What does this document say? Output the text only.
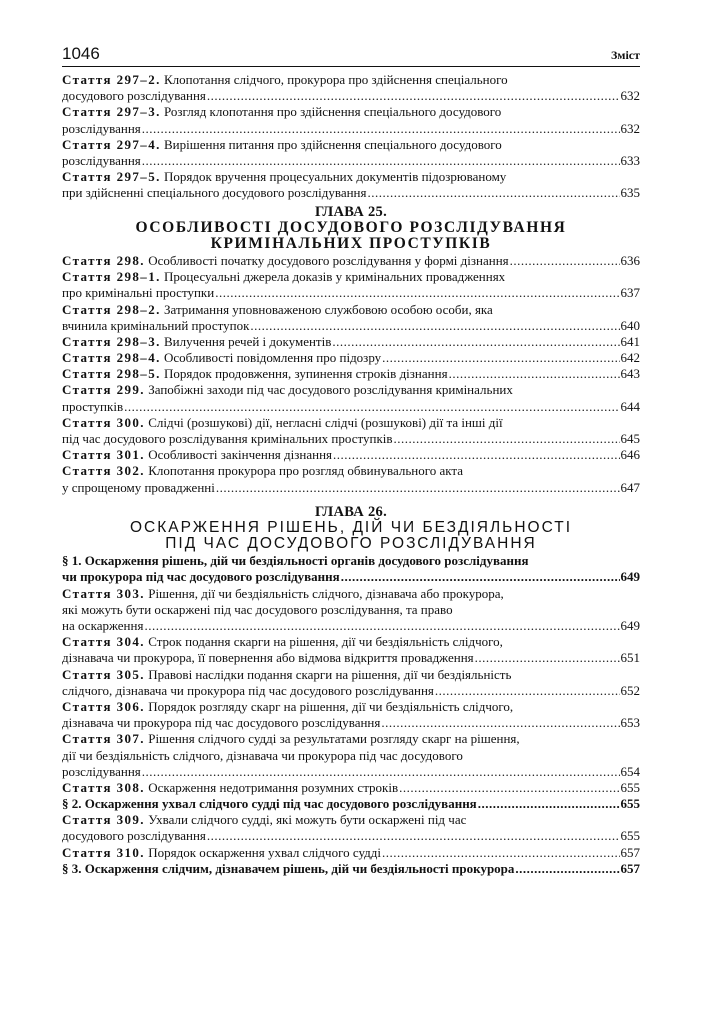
1046	Зміст
Стаття 297–2. Клопотання слідчого, прокурора про здійснення спеціального
досудового розслідування .....	632
Стаття 297–3. Розгляд клопотання про здійснення спеціального досудового
розслідування .....	632
Стаття 297–4. Вирішення питання про здійснення спеціального досудового
розслідування .....	633
Стаття 297–5. Порядок вручення процесуальних документів підозрюваному
при здійсненні спеціального досудового розслідування .....	635
ГЛАВА 25.
ОСОБЛИВОСТІ ДОСУДОВОГО РОЗСЛІДУВАННЯ
КРИМІНАЛЬНИХ ПРОСТУПКІВ
Стаття 298. Особливості початку досудового розслідування у формі дізнання .....	636
Стаття 298–1. Процесуальні джерела доказів у кримінальних провадженнях
про кримінальні проступки .....	637
Стаття 298–2. Затримання уповноваженою службовою особою особи, яка
вчинила кримінальний проступок .....	640
Стаття 298–3. Вилучення речей і документів .....	641
Стаття 298–4. Особливості повідомлення про підозру .....	642
Стаття 298–5. Порядок продовження, зупинення строків дізнання .....	643
Стаття 299. Запобіжні заходи під час досудового розслідування кримінальних
проступків .....	644
Стаття 300. Слідчі (розшукові) дії, негласні слідчі (розшукові) дії та інші дії
під час досудового розслідування кримінальних проступків .....	645
Стаття 301. Особливості закінчення дізнання .....	646
Стаття 302. Клопотання прокурора про розгляд обвинувального акта
у спрощеному провадженні .....	647
ГЛАВА 26.
ОСКАРЖЕННЯ РІШЕНЬ, ДІЙ ЧИ БЕЗДІЯЛЬНОСТІ
ПІД ЧАС ДОСУДОВОГО РОЗСЛІДУВАННЯ
§ 1. Оскарження рішень, дій чи бездіяльності органів досудового розслідування
чи прокурора під час досудового розслідування .....	649
Стаття 303. Рішення, дії чи бездіяльність слідчого, дізнавача або прокурора,
які можуть бути оскаржені під час досудового розслідування, та право
на оскарження .....	649
Стаття 304. Строк подання скарги на рішення, дії чи бездіяльність слідчого,
дізнавача чи прокурора, її повернення або відмова відкриття провадження .....	651
Стаття 305. Правові наслідки подання скарги на рішення, дії чи бездіяльність
слідчого, дізнавача чи прокурора під час досудового розслідування .....	652
Стаття 306. Порядок розгляду скарг на рішення, дії чи бездіяльність слідчого,
дізнавача чи прокурора під час досудового розслідування .....	653
Стаття 307. Рішення слідчого судді за результатами розгляду скарг на рішення,
дії чи бездіяльність слідчого, дізнавача чи прокурора під час досудового
розслідування .....	654
Стаття 308. Оскарження недотримання розумних строків .....	655
§ 2. Оскарження ухвал слідчого судді під час досудового розслідування .....	655
Стаття 309. Ухвали слідчого судді, які можуть бути оскаржені під час
досудового розслідування .....	655
Стаття 310. Порядок оскарження ухвал слідчого судді .....	657
§ 3. Оскарження слідчим, дізнавачем рішень, дій чи бездіяльності прокурора .....	657
